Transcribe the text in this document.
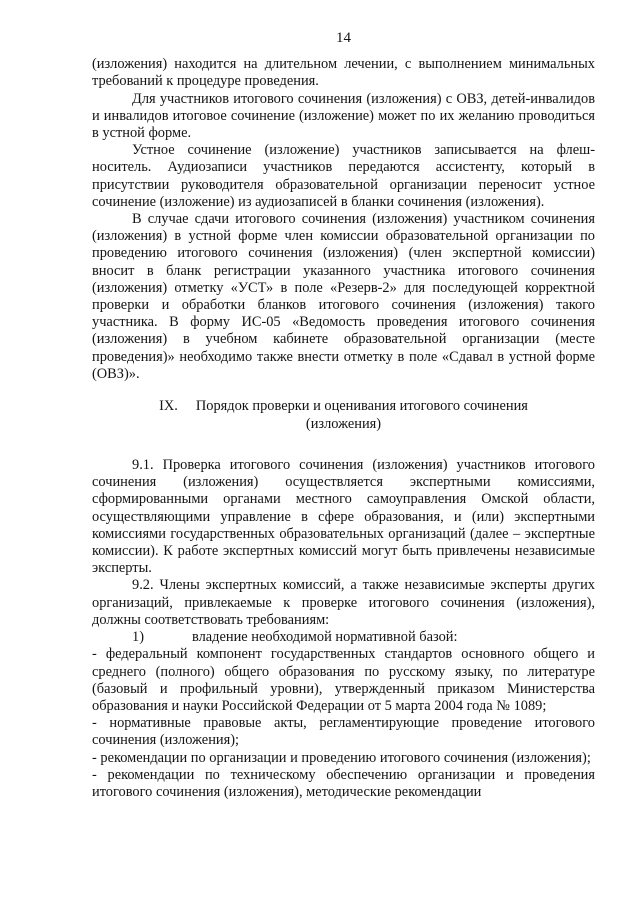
14

(изложения) находится на длительном лечении, с выполнением минимальных требований к процедуре проведения.

Для участников итогового сочинения (изложения) с ОВЗ, детей-инвалидов и инвалидов итоговое сочинение (изложение) может по их желанию проводиться в устной форме.

Устное сочинение (изложение) участников записывается на флеш-носитель. Аудиозаписи участников передаются ассистенту, который в присутствии руководителя образовательной организации переносит устное сочинение (изложение) из аудиозаписей в бланки сочинения (изложения).

В случае сдачи итогового сочинения (изложения) участником сочинения (изложения) в устной форме член комиссии образовательной организации по проведению итогового сочинения (изложения) (член экспертной комиссии) вносит в бланк регистрации указанного участника итогового сочинения (изложения) отметку «УСТ» в поле «Резерв-2» для последующей корректной проверки и обработки бланков итогового сочинения (изложения) такого участника. В форму ИС-05 «Ведомость проведения итогового сочинения (изложения) в учебном кабинете образовательной организации (месте проведения)» необходимо также внести отметку в поле «Сдавал в устной форме (ОВЗ)».

IX. Порядок проверки и оценивания итогового сочинения
(изложения)

9.1. Проверка итогового сочинения (изложения) участников итогового сочинения (изложения) осуществляется экспертными комиссиями, сформированными органами местного самоуправления Омской области, осуществляющими управление в сфере образования, и (или) экспертными комиссиями государственных образовательных организаций (далее – экспертные комиссии). К работе экспертных комиссий могут быть привлечены независимые эксперты.

9.2. Члены экспертных комиссий, а также независимые эксперты других организаций, привлекаемые к проверке итогового сочинения (изложения), должны соответствовать требованиям:

1)	владение необходимой нормативной базой:

- федеральный компонент государственных стандартов основного общего и среднего (полного) общего образования по русскому языку, по литературе (базовый и профильный уровни), утвержденный приказом Министерства образования и науки Российской Федерации от 5 марта 2004 года № 1089;

- нормативные правовые акты, регламентирующие проведение итогового сочинения (изложения);

- рекомендации по организации и проведению итогового сочинения (изложения);

- рекомендации по техническому обеспечению организации и проведения итогового сочинения (изложения), методические рекомендации
